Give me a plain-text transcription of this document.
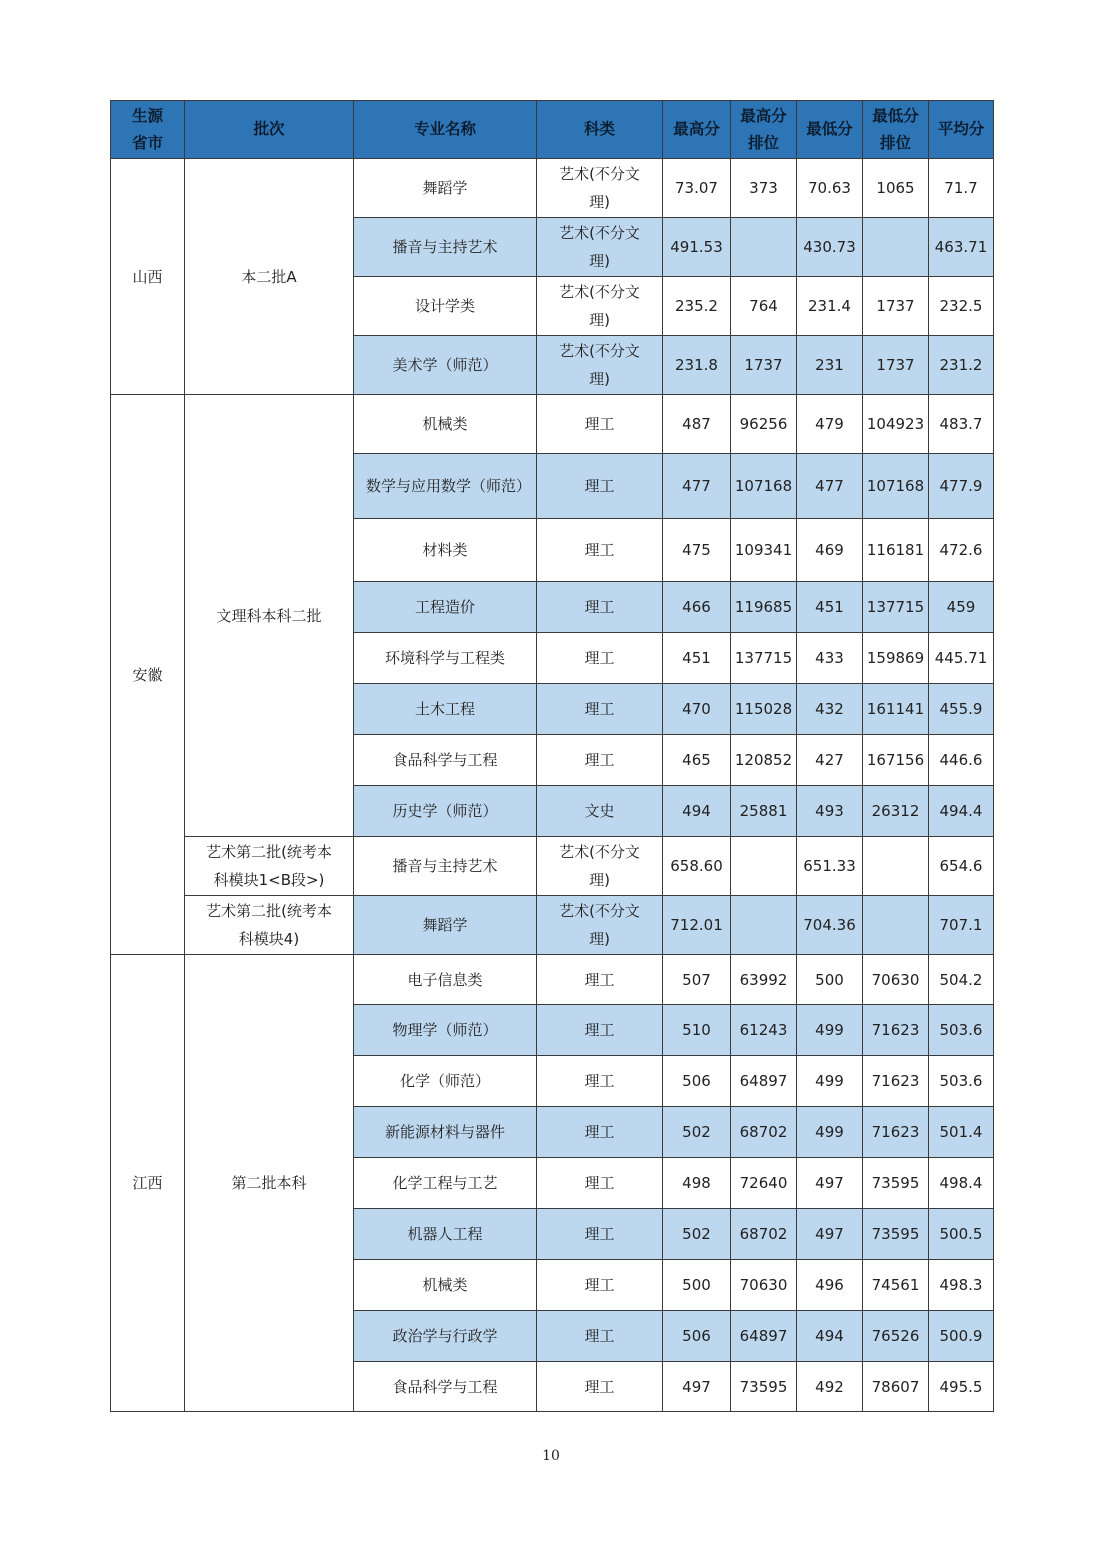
生源省市	批次	专业名称	科类	最高分	最高分排位	最低分	最低分排位	平均分
山西	本二批A	舞蹈学	艺术(不分文理)	73.07	373	70.63	1065	71.7
		播音与主持艺术	艺术(不分文理)	491.53		430.73		463.71
		设计学类	艺术(不分文理)	235.2	764	231.4	1737	232.5
		美术学（师范）	艺术(不分文理)	231.8	1737	231	1737	231.2
安徽	文理科本科二批	机械类	理工	487	96256	479	104923	483.7
		数学与应用数学（师范）	理工	477	107168	477	107168	477.9
		材料类	理工	475	109341	469	116181	472.6
		工程造价	理工	466	119685	451	137715	459
		环境科学与工程类	理工	451	137715	433	159869	445.71
		土木工程	理工	470	115028	432	161141	455.9
		食品科学与工程	理工	465	120852	427	167156	446.6
		历史学（师范）	文史	494	25881	493	26312	494.4
	艺术第二批(统考本科模块1<B段>)	播音与主持艺术	艺术(不分文理)	658.60		651.33		654.6
	艺术第二批(统考本科模块4)	舞蹈学	艺术(不分文理)	712.01		704.36		707.1
江西	第二批本科	电子信息类	理工	507	63992	500	70630	504.2
		物理学（师范）	理工	510	61243	499	71623	503.6
		化学（师范）	理工	506	64897	499	71623	503.6
		新能源材料与器件	理工	502	68702	499	71623	501.4
		化学工程与工艺	理工	498	72640	497	73595	498.4
		机器人工程	理工	502	68702	497	73595	500.5
		机械类	理工	500	70630	496	74561	498.3
		政治学与行政学	理工	506	64897	494	76526	500.9
		食品科学与工程	理工	497	73595	492	78607	495.5
10
